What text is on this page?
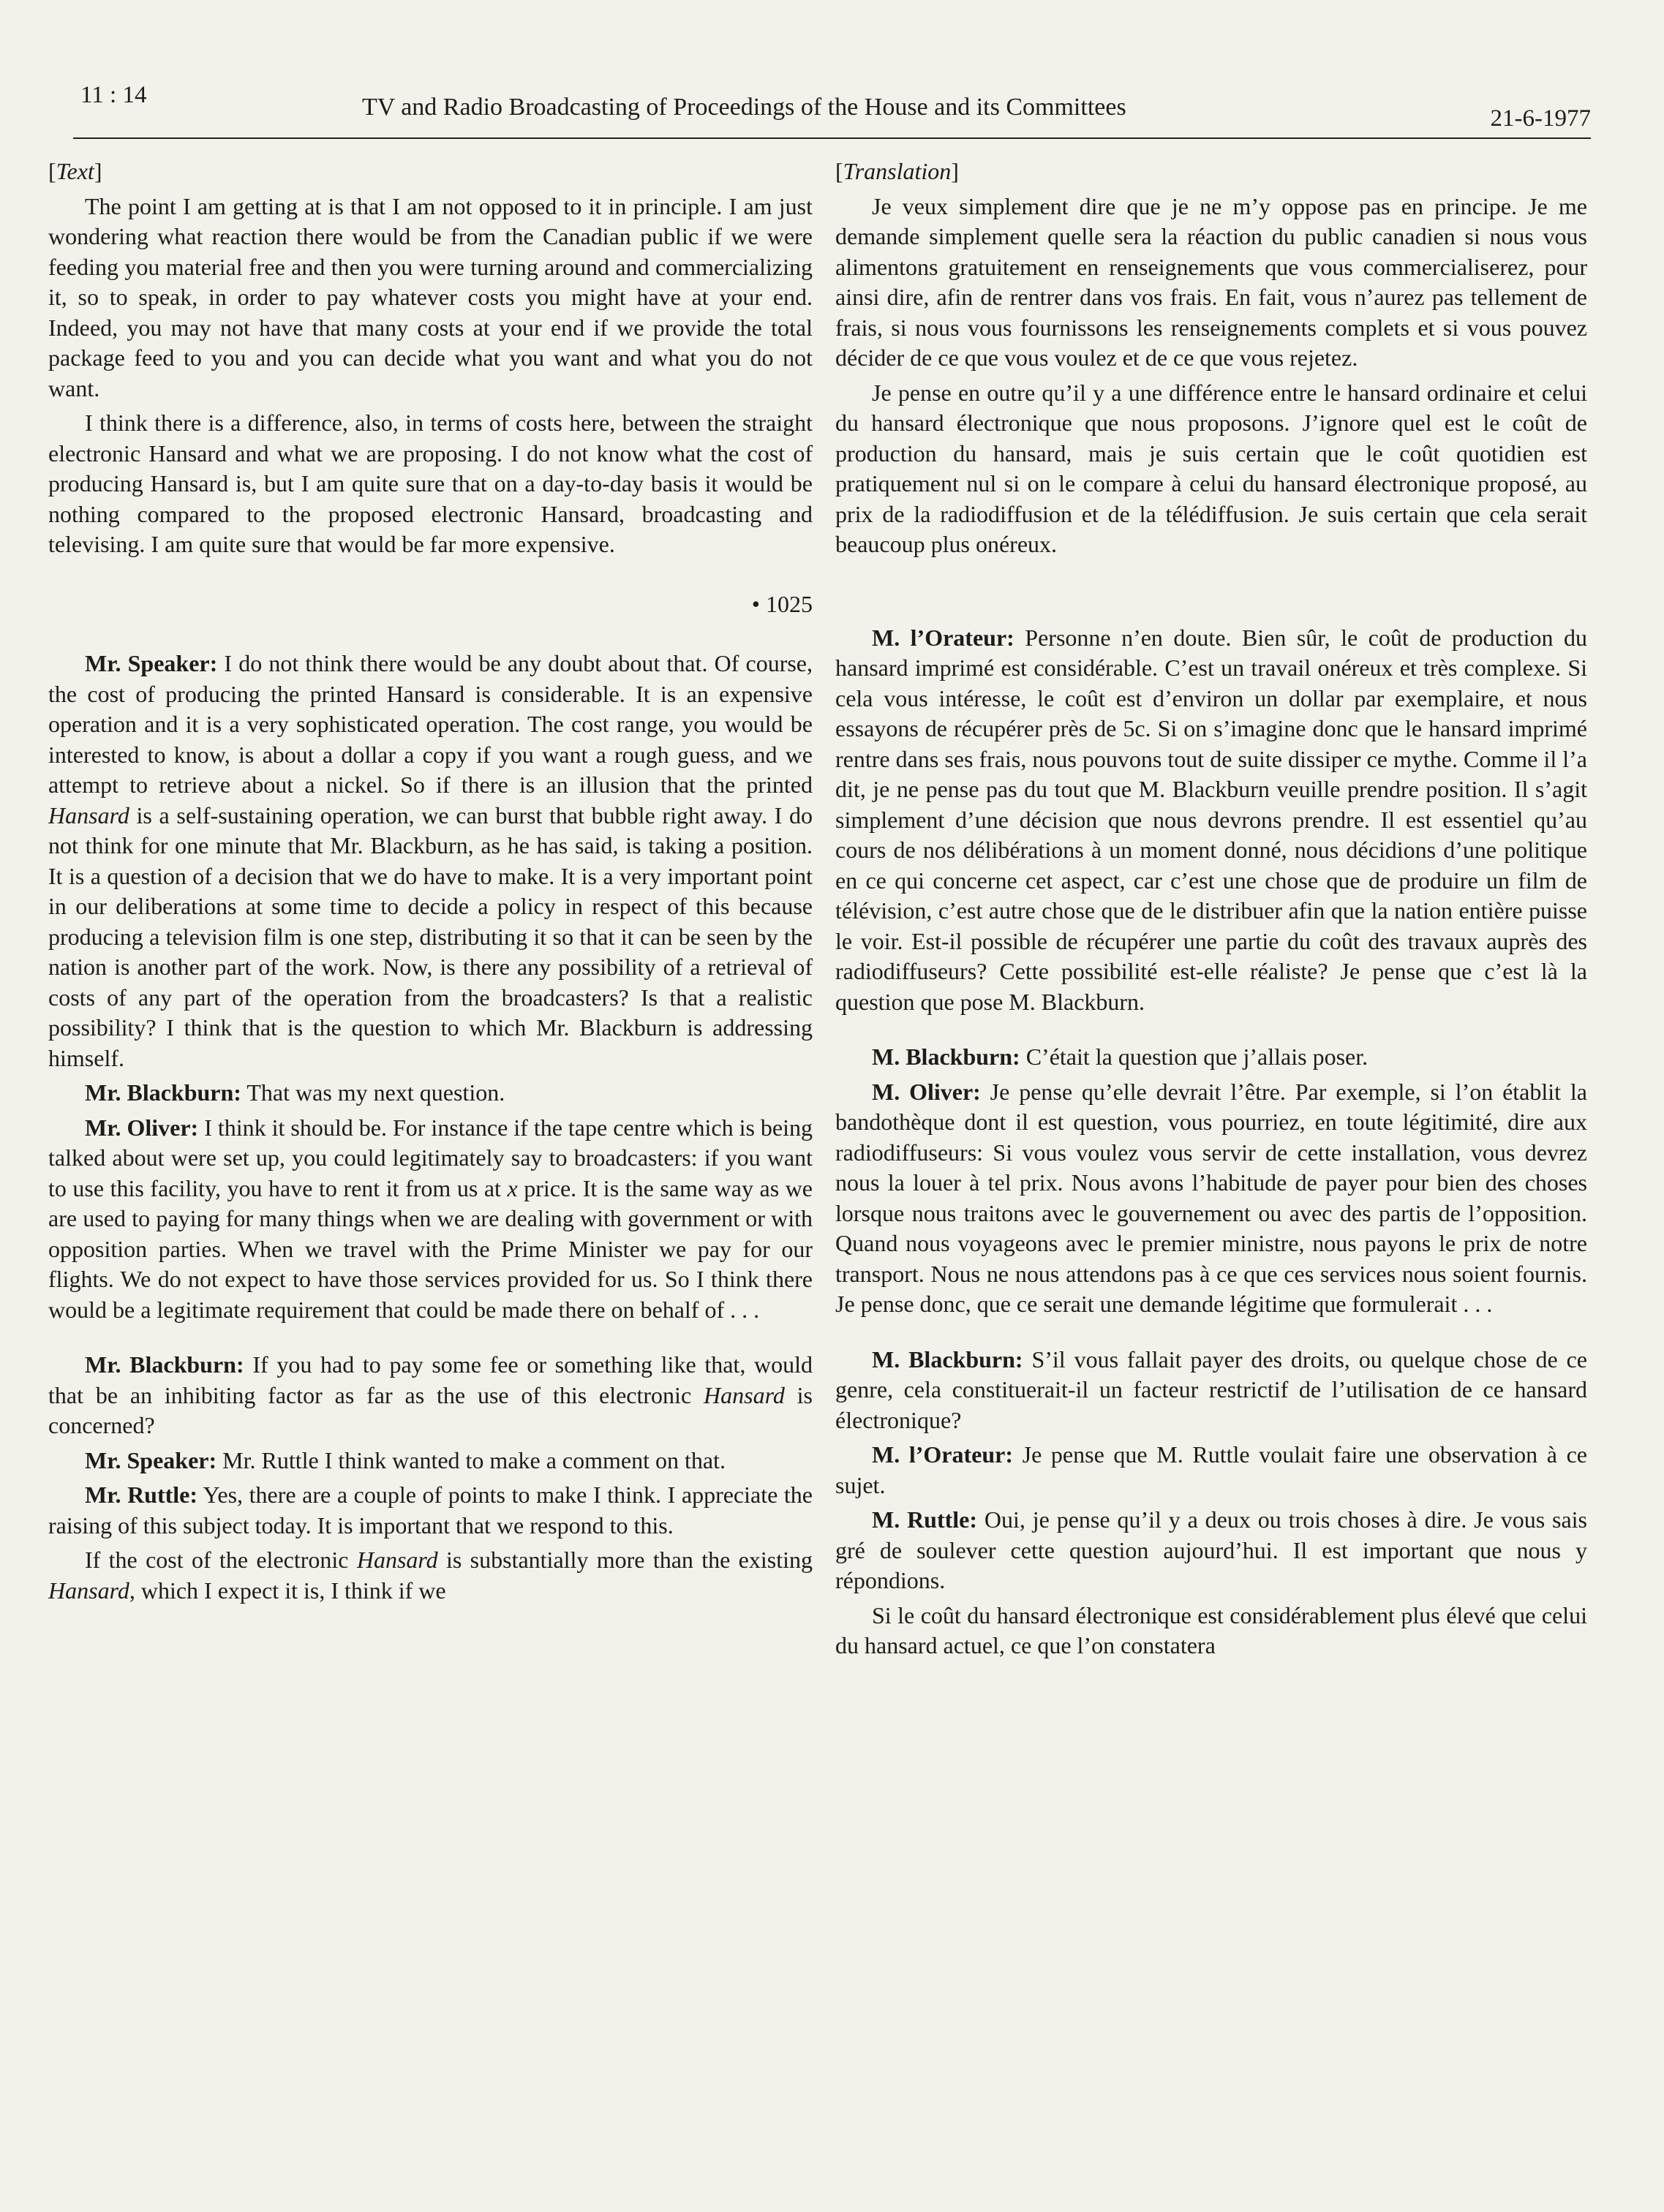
11 : 14	TV and Radio Broadcasting of Proceedings of the House and its Committees	21-6-1977

[Text]

The point I am getting at is that I am not opposed to it in principle. I am just wondering what reaction there would be from the Canadian public if we were feeding you material free and then you were turning around and commercializing it, so to speak, in order to pay whatever costs you might have at your end. Indeed, you may not have that many costs at your end if we provide the total package feed to you and you can decide what you want and what you do not want.

I think there is a difference, also, in terms of costs here, between the straight electronic Hansard and what we are proposing. I do not know what the cost of producing Hansard is, but I am quite sure that on a day-to-day basis it would be nothing compared to the proposed electronic Hansard, broadcasting and televising. I am quite sure that would be far more expensive.

• 1025

Mr. Speaker: I do not think there would be any doubt about that. Of course, the cost of producing the printed Hansard is considerable. It is an expensive operation and it is a very sophisticated operation. The cost range, you would be interested to know, is about a dollar a copy if you want a rough guess, and we attempt to retrieve about a nickel. So if there is an illusion that the printed Hansard is a self-sustaining operation, we can burst that bubble right away. I do not think for one minute that Mr. Blackburn, as he has said, is taking a position. It is a question of a decision that we do have to make. It is a very important point in our deliberations at some time to decide a policy in respect of this because producing a television film is one step, distributing it so that it can be seen by the nation is another part of the work. Now, is there any possibility of a retrieval of costs of any part of the operation from the broadcasters? Is that a realistic possibility? I think that is the question to which Mr. Blackburn is addressing himself.

Mr. Blackburn: That was my next question.

Mr. Oliver: I think it should be. For instance if the tape centre which is being talked about were set up, you could legitimately say to broadcasters: if you want to use this facility, you have to rent it from us at x price. It is the same way as we are used to paying for many things when we are dealing with government or with opposition parties. When we travel with the Prime Minister we pay for our flights. We do not expect to have those services provided for us. So I think there would be a legitimate requirement that could be made there on behalf of . . .

Mr. Blackburn: If you had to pay some fee or something like that, would that be an inhibiting factor as far as the use of this electronic Hansard is concerned?

Mr. Speaker: Mr. Ruttle I think wanted to make a comment on that.

Mr. Ruttle: Yes, there are a couple of points to make I think. I appreciate the raising of this subject today. It is important that we respond to this.

If the cost of the electronic Hansard is substantially more than the existing Hansard, which I expect it is, I think if we

[Translation]

Je veux simplement dire que je ne m’y oppose pas en principe. Je me demande simplement quelle sera la réaction du public canadien si nous vous alimentons gratuitement en renseignements que vous commercialiserez, pour ainsi dire, afin de rentrer dans vos frais. En fait, vous n’aurez pas tellement de frais, si nous vous fournissons les renseignements complets et si vous pouvez décider de ce que vous voulez et de ce que vous rejetez.

Je pense en outre qu’il y a une différence entre le hansard ordinaire et celui du hansard électronique que nous proposons. J’ignore quel est le coût de production du hansard, mais je suis certain que le coût quotidien est pratiquement nul si on le compare à celui du hansard électronique proposé, au prix de la radiodiffusion et de la télédiffusion. Je suis certain que cela serait beaucoup plus onéreux.

M. l’Orateur: Personne n’en doute. Bien sûr, le coût de production du hansard imprimé est considérable. C’est un travail onéreux et très complexe. Si cela vous intéresse, le coût est d’environ un dollar par exemplaire, et nous essayons de récupérer près de 5c. Si on s’imagine donc que le hansard imprimé rentre dans ses frais, nous pouvons tout de suite dissiper ce mythe. Comme il l’a dit, je ne pense pas du tout que M. Blackburn veuille prendre position. Il s’agit simplement d’une décision que nous devrons prendre. Il est essentiel qu’au cours de nos délibérations à un moment donné, nous décidions d’une politique en ce qui concerne cet aspect, car c’est une chose que de produire un film de télévision, c’est autre chose que de le distribuer afin que la nation entière puisse le voir. Est-il possible de récupérer une partie du coût des travaux auprès des radiodiffuseurs? Cette possibilité est-elle réaliste? Je pense que c’est là la question que pose M. Blackburn.

M. Blackburn: C’était la question que j’allais poser.

M. Oliver: Je pense qu’elle devrait l’être. Par exemple, si l’on établit la bandothèque dont il est question, vous pourriez, en toute légitimité, dire aux radiodiffuseurs: Si vous voulez vous servir de cette installation, vous devrez nous la louer à tel prix. Nous avons l’habitude de payer pour bien des choses lorsque nous traitons avec le gouvernement ou avec des partis de l’opposition. Quand nous voyageons avec le premier ministre, nous payons le prix de notre transport. Nous ne nous attendons pas à ce que ces services nous soient fournis. Je pense donc, que ce serait une demande légitime que formulerait . . .

M. Blackburn: S’il vous fallait payer des droits, ou quelque chose de ce genre, cela constituerait-il un facteur restrictif de l’utilisation de ce hansard électronique?

M. l’Orateur: Je pense que M. Ruttle voulait faire une observation à ce sujet.

M. Ruttle: Oui, je pense qu’il y a deux ou trois choses à dire. Je vous sais gré de soulever cette question aujourd’hui. Il est important que nous y répondions.

Si le coût du hansard électronique est considérablement plus élevé que celui du hansard actuel, ce que l’on constatera
